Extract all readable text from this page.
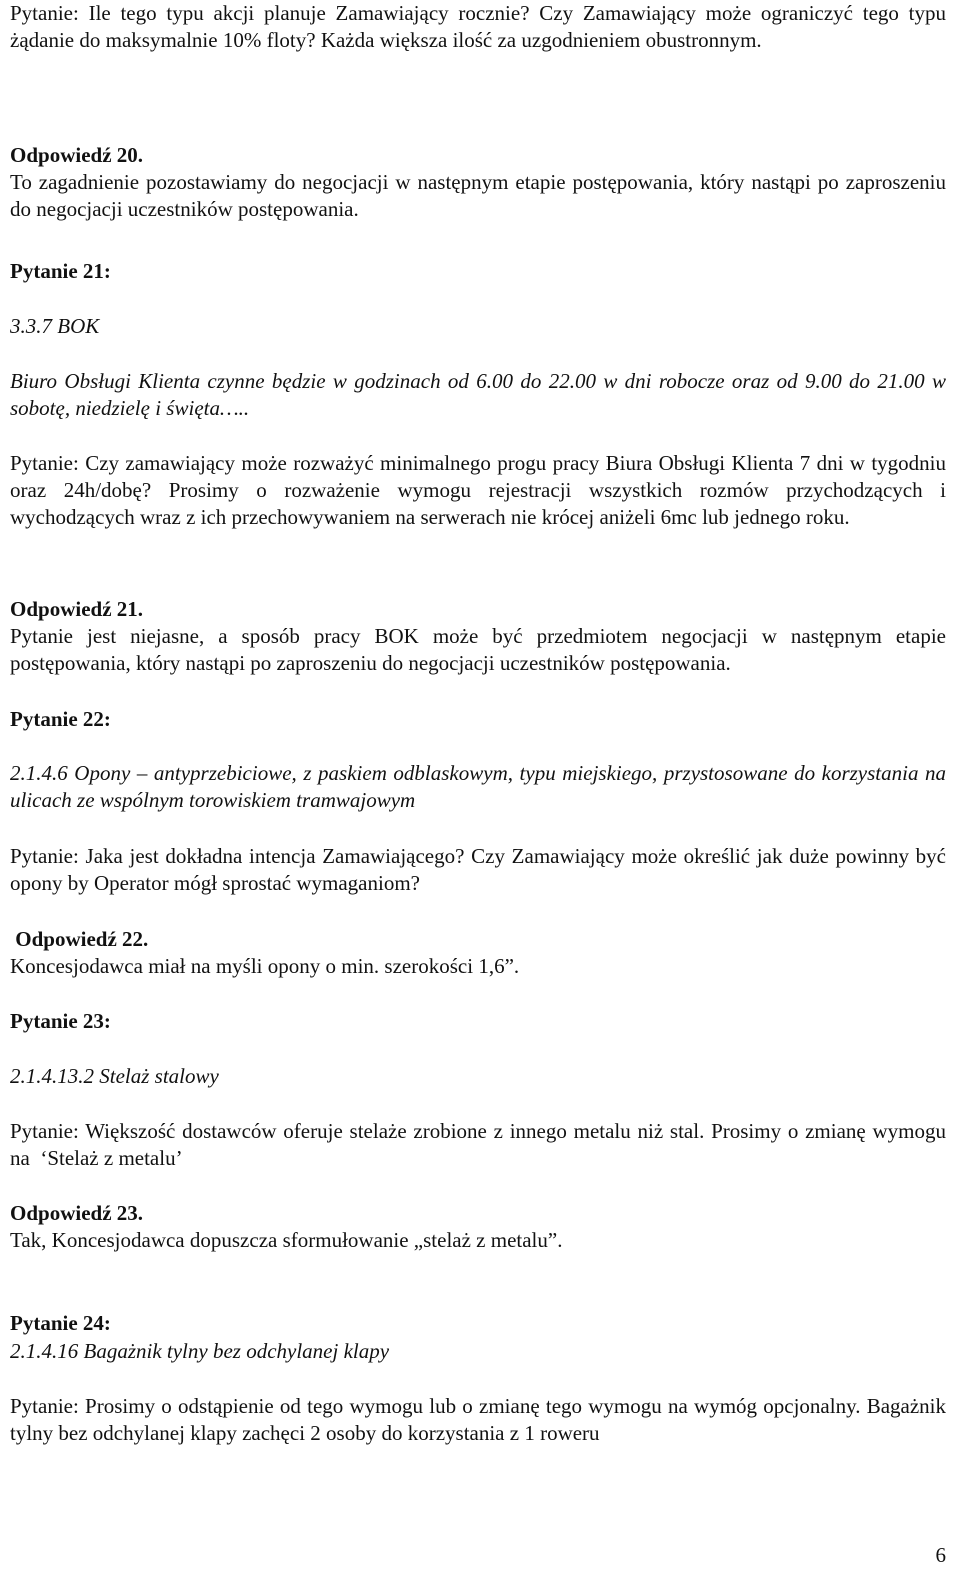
Pytanie: Ile tego typu akcji planuje Zamawiający rocznie? Czy Zamawiający może ograniczyć tego typu żądanie do maksymalnie 10% floty? Każda większa ilość za uzgodnieniem obustronnym.

Odpowiedź 20.

To zagadnienie pozostawiamy do negocjacji w następnym etapie postępowania, który nastąpi po zaproszeniu do negocjacji uczestników postępowania.

Pytanie 21:

3.3.7 BOK

Biuro Obsługi Klienta czynne będzie w godzinach od 6.00 do 22.00 w dni robocze oraz od 9.00 do 21.00 w sobotę, niedzielę i święta…..

Pytanie: Czy zamawiający może rozważyć minimalnego progu pracy Biura Obsługi Klienta 7 dni w tygodniu oraz 24h/dobę? Prosimy o rozważenie wymogu rejestracji wszystkich rozmów przychodzących i wychodzących wraz z ich przechowywaniem na serwerach nie krócej aniżeli 6mc lub jednego roku.

Odpowiedź 21.

Pytanie jest niejasne, a sposób pracy BOK może być przedmiotem negocjacji w następnym etapie postępowania, który nastąpi po zaproszeniu do negocjacji uczestników postępowania.

Pytanie 22:

2.1.4.6 Opony – antyprzebiciowe, z paskiem odblaskowym, typu miejskiego, przystosowane do korzystania na ulicach ze wspólnym torowiskiem tramwajowym

Pytanie: Jaka jest dokładna intencja Zamawiającego? Czy Zamawiający może określić jak duże powinny być opony by Operator mógł sprostać wymaganiom?

Odpowiedź 22.

Koncesjodawca miał na myśli opony o min. szerokości 1,6”.

Pytanie 23:

2.1.4.13.2 Stelaż stalowy

Pytanie: Większość dostawców oferuje stelaże zrobione z innego metalu niż stal. Prosimy o zmianę wymogu na  ‘Stelaż z metalu’

Odpowiedź 23.

Tak, Koncesjodawca dopuszcza sformułowanie „stelaż z metalu”.

Pytanie 24:

2.1.4.16 Bagażnik tylny bez odchylanej klapy

Pytanie: Prosimy o odstąpienie od tego wymogu lub o zmianę tego wymogu na wymóg opcjonalny. Bagażnik tylny bez odchylanej klapy zachęci 2 osoby do korzystania z 1 roweru

6
